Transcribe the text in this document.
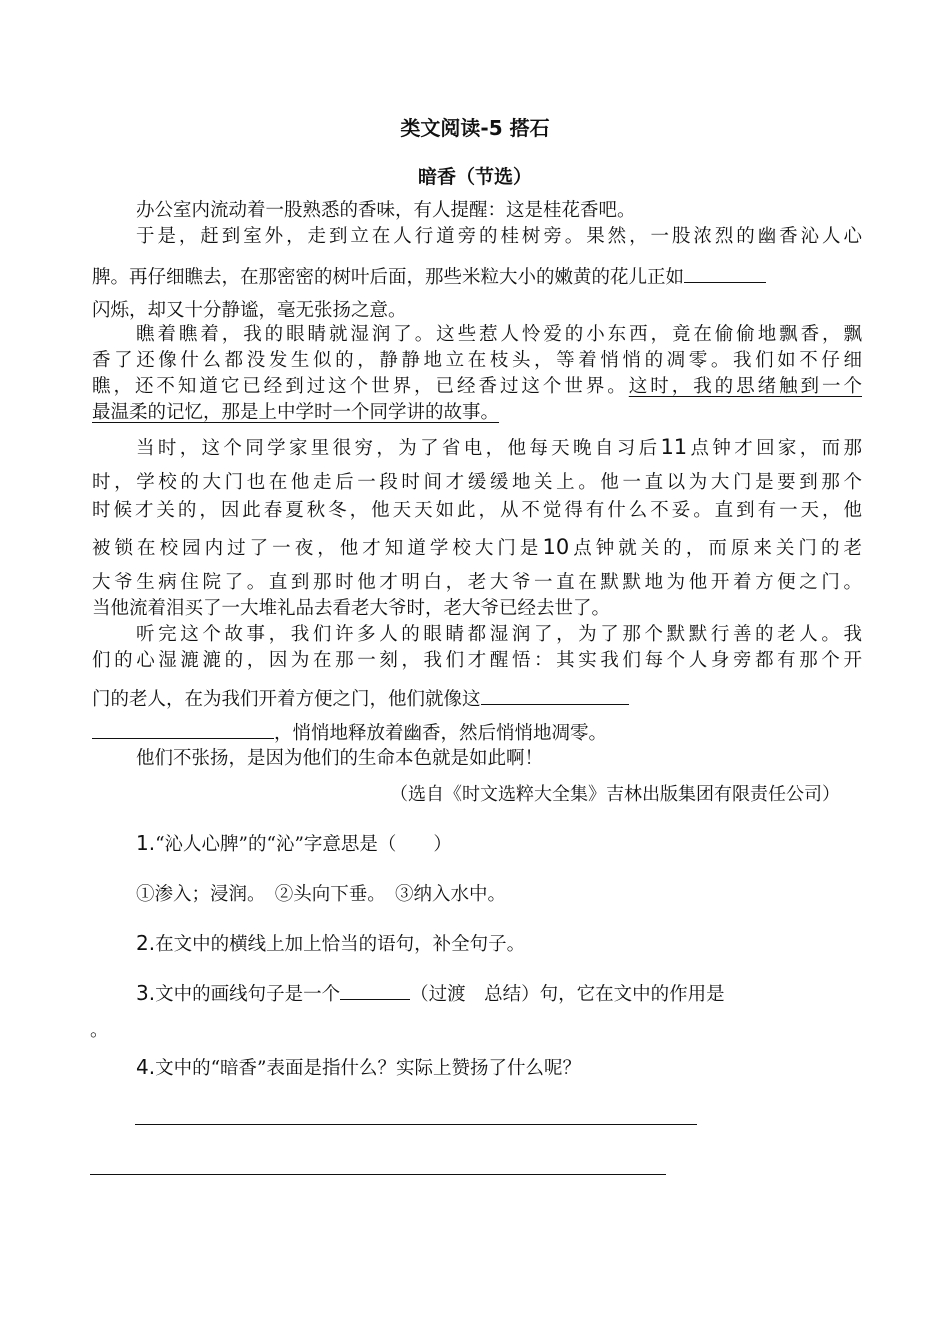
类文阅读-5 搭石
暗香（节选）
办公室内流动着一股熟悉的香味，有人提醒：这是桂花香吧。
于是，赶到室外，走到立在人行道旁的桂树旁。果然，一股浓烈的幽香沁人心
脾。再仔细瞧去，在那密密的树叶后面，那些米粒大小的嫩黄的花儿正如
闪烁，却又十分静谧，毫无张扬之意。
瞧着瞧着，我的眼睛就湿润了。这些惹人怜爱的小东西，竟在偷偷地飘香，飘
香了还像什么都没发生似的，静静地立在枝头，等着悄悄的凋零。我们如不仔细
瞧，还不知道它已经到过这个世界，已经香过这个世界。这时，我的思绪触到一个
最温柔的记忆，那是上中学时一个同学讲的故事。
当时，这个同学家里很穷，为了省电，他每天晚自习后11点钟才回家，而那
时，学校的大门也在他走后一段时间才缓缓地关上。他一直以为大门是要到那个
时候才关的，因此春夏秋冬，他天天如此，从不觉得有什么不妥。直到有一天，他
被锁在校园内过了一夜，他才知道学校大门是10点钟就关的，而原来关门的老
大爷生病住院了。直到那时他才明白，老大爷一直在默默地为他开着方便之门。
当他流着泪买了一大堆礼品去看老大爷时，老大爷已经去世了。
听完这个故事，我们许多人的眼睛都湿润了，为了那个默默行善的老人。我
们的心湿漉漉的，因为在那一刻，我们才醒悟：其实我们每个人身旁都有那个开
门的老人，在为我们开着方便之门，他们就像这
，悄悄地释放着幽香，然后悄悄地凋零。
他们不张扬，是因为他们的生命本色就是如此啊！
（选自《时文选粹大全集》吉林出版集团有限责任公司）
1.“沁人心脾”的“沁”字意思是（　　）
①渗入；浸润。　②头向下垂。　③纳入水中。
2.在文中的横线上加上恰当的语句，补全句子。
3.文中的画线句子是一个	（过渡　总结）句，它在文中的作用是
。
4.文中的“暗香”表面是指什么？实际上赞扬了什么呢？
